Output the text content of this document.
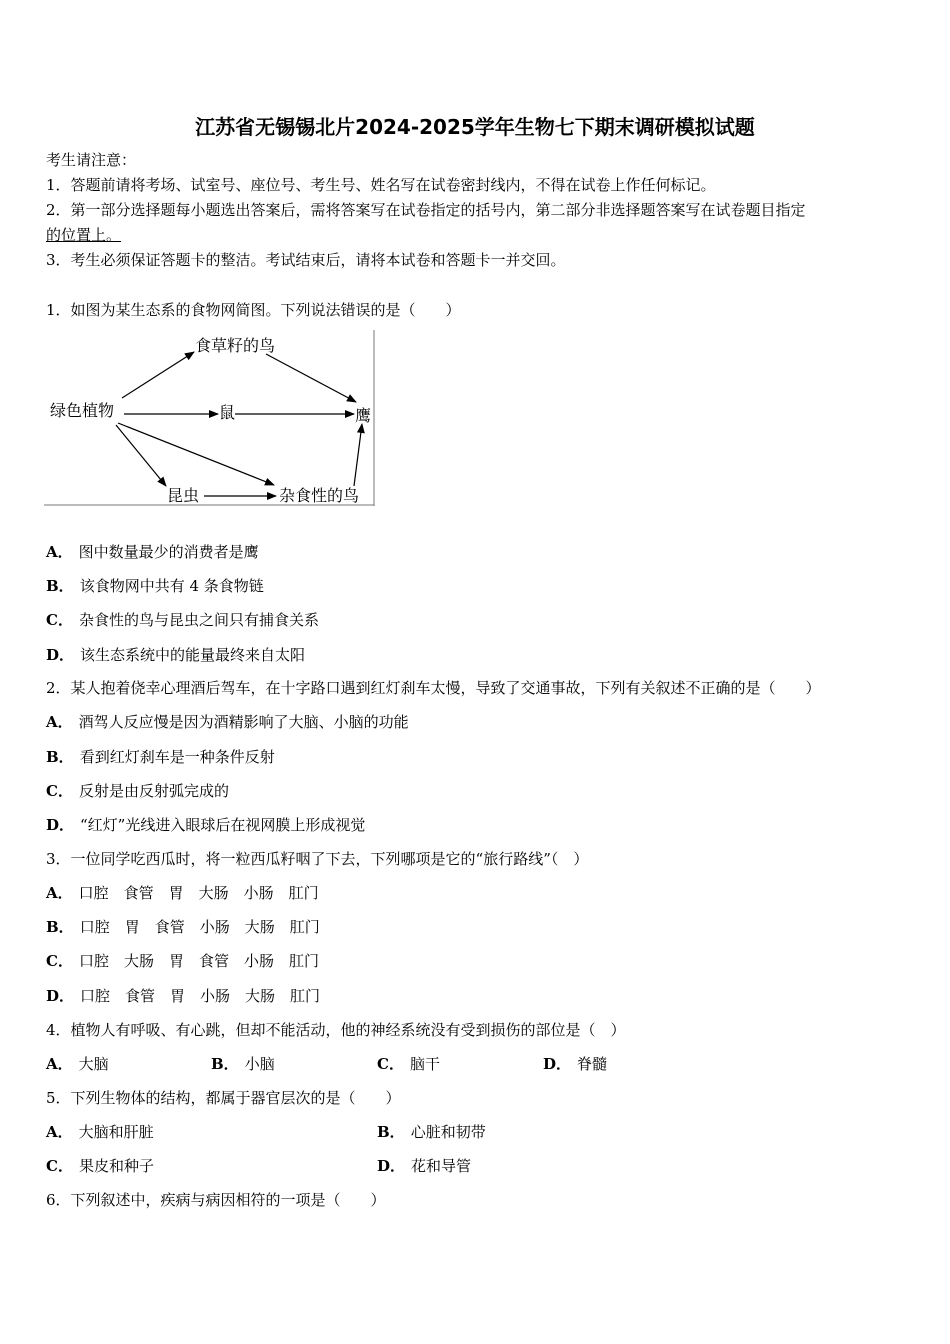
江苏省无锡锡北片2024-2025学年生物七下期末调研模拟试题
考生请注意：
1．答题前请将考场、试室号、座位号、考生号、姓名写在试卷密封线内，不得在试卷上作任何标记。
2．第一部分选择题每小题选出答案后，需将答案写在试卷指定的括号内，第二部分非选择题答案写在试卷题目指定
的位置上。
3．考生必须保证答题卡的整洁。考试结束后，请将本试卷和答题卡一并交回。
1．如图为某生态系的食物网简图。下列说法错误的是（　　）
食草籽的鸟
绿色植物	鼠	鹰
昆虫	杂食性的鸟
A． 图中数量最少的消费者是鹰
B． 该食物网中共有 4 条食物链
C． 杂食性的鸟与昆虫之间只有捕食关系
D． 该生态系统中的能量最终来自太阳
2．某人抱着侥幸心理酒后驾车，在十字路口遇到红灯刹车太慢，导致了交通事故，下列有关叙述不正确的是（　　）
A． 酒驾人反应慢是因为酒精影响了大脑、小脑的功能
B． 看到红灯刹车是一种条件反射
C． 反射是由反射弧完成的
D． “红灯”光线进入眼球后在视网膜上形成视觉
3．一位同学吃西瓜时，将一粒西瓜籽咽了下去，下列哪项是它的“旅行路线”（　）
A． 口腔　食管　胃　大肠　小肠　肛门
B． 口腔　胃　食管　小肠　大肠　肛门
C． 口腔　大肠　胃　食管　小肠　肛门
D． 口腔　食管　胃　小肠　大肠　肛门
4．植物人有呼吸、有心跳，但却不能活动，他的神经系统没有受到损伤的部位是（　）
A． 大脑	B． 小脑	C． 脑干	D． 脊髓
5．下列生物体的结构，都属于器官层次的是（　　）
A． 大脑和肝脏	B． 心脏和韧带
C． 果皮和种子	D． 花和导管
6．下列叙述中，疾病与病因相符的一项是（　　）
